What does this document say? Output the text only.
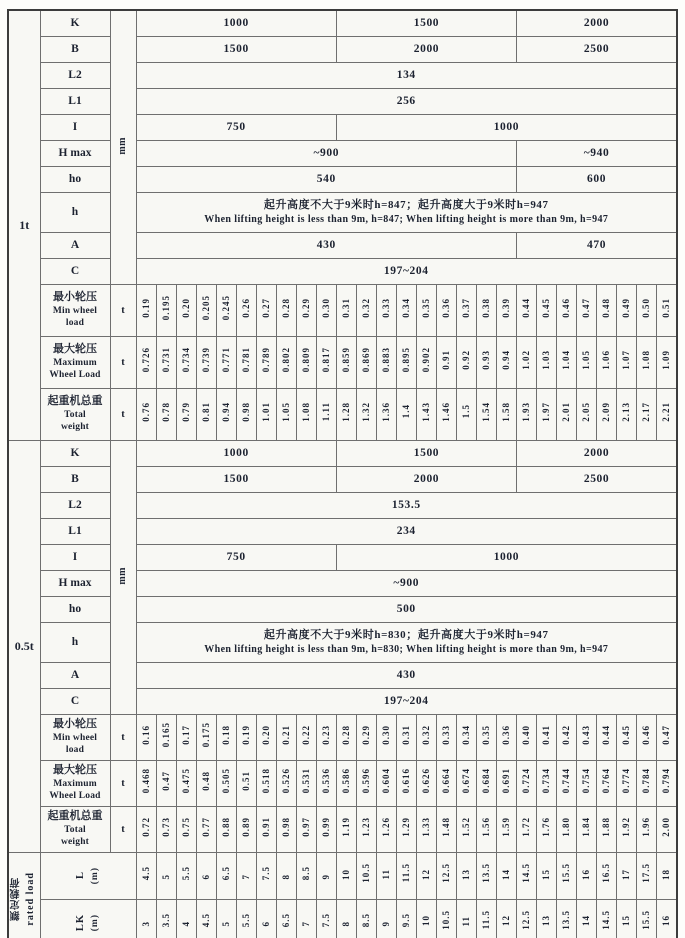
1t	K	mm	1000										1500									2000							
	B		1500										2000									2500							
	L2		134																										
	L1		256																										
	I		750										1000																
	H max		~900																			~940							
	ho		540																			600							
	h		起升高度不大于9米时h=847；起升高度大于9米时h=947
When lifting height is less than 9m, h=847; When lifting height is more than 9m, h=947																										

	A		430																			470							
	C		197~204																										

	最小轮压
Min wheel
load	t	0.19	0.195	0.20	0.205	0.245	0.26	0.27	0.28	0.29	0.30	0.31	0.32	0.33	0.34	0.35	0.36	0.37	0.38	0.39	0.44	0.45	0.46	0.47	0.48	0.49	0.50	0.51

	最大轮压
Maximum
Wheel Load	t	0.726	0.731	0.734	0.739	0.771	0.781	0.789	0.802	0.809	0.817	0.859	0.869	0.883	0.895	0.902	0.91	0.92	0.93	0.94	1.02	1.03	1.04	1.05	1.06	1.07	1.08	1.09

	起重机总重
Total
weight	t	0.76	0.78	0.79	0.81	0.94	0.98	1.01	1.05	1.08	1.11	1.28	1.32	1.36	1.4	1.43	1.46	1.5	1.54	1.58	1.93	1.97	2.01	2.05	2.09	2.13	2.17	2.21
0.5t	K	mm	1000										1500									2000							
	B		1500										2000									2500							
	L2		153.5																										
	L1		234																										
	I		750										1000																
	H max		~900																										
	ho		500																										
	h		起升高度不大于9米时h=830；起升高度大于9米时h=947
When lifting height is less than 9m, h=830; When lifting height is more than 9m, h=947																										

	A		430																										
	C		197~204																										

	最小轮压
Min wheel
load	t	0.16	0.165	0.17	0.175	0.18	0.19	0.20	0.21	0.22	0.23	0.28	0.29	0.30	0.31	0.32	0.33	0.34	0.35	0.36	0.40	0.41	0.42	0.43	0.44	0.45	0.46	0.47

	最大轮压
Maximum
Wheel Load	t	0.468	0.47	0.475	0.48	0.505	0.51	0.518	0.526	0.531	0.536	0.586	0.596	0.604	0.616	0.626	0.664	0.674	0.684	0.691	0.724	0.734	0.744	0.754	0.764	0.774	0.784	0.794

	起重机总重
Total
weight	t	0.72	0.73	0.75	0.77	0.88	0.89	0.91	0.98	0.97	0.99	1.19	1.23	1.26	1.29	1.33	1.48	1.52	1.56	1.59	1.72	1.76	1.80	1.84	1.88	1.92	1.96	2.00

额定载荷 rated load	L (m)		4.5	5	5.5	6	6.5	7	7.5	8	8.5	9	10	10.5	11	11.5	12	12.5	13	13.5	14	14.5	15	15.5	16	16.5	17	17.5	18

	LK (m)		3	3.5	4	4.5	5	5.5	6	6.5	7	7.5	8	8.5	9	9.5	10	10.5	11	11.5	12	12.5	13	13.5	14	14.5	15	15.5	16
